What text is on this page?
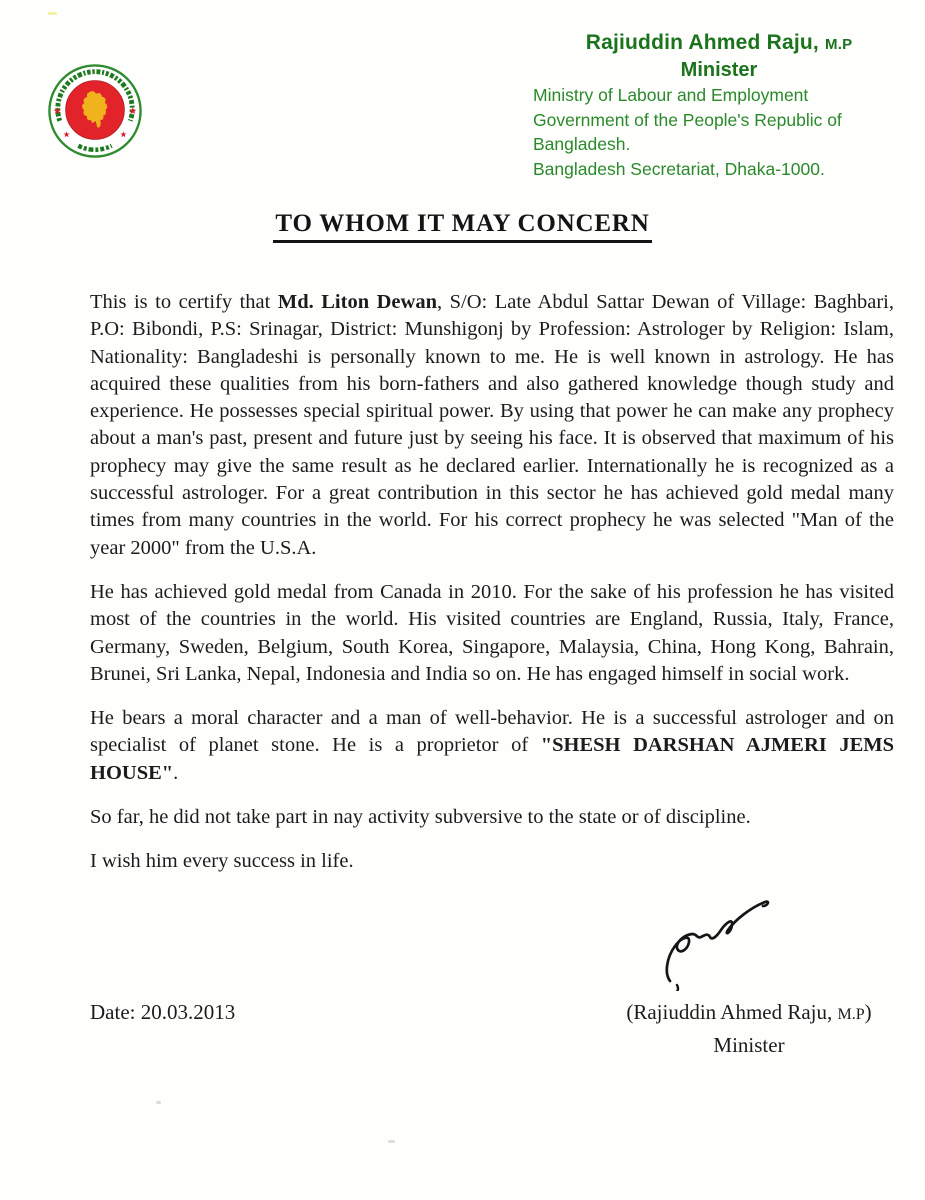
Rajiuddin Ahmed Raju, M.P
Minister
Ministry of Labour and Employment
Government of the People's Republic of Bangladesh.
Bangladesh Secretariat, Dhaka-1000.
TO WHOM IT MAY CONCERN

This is to certify that Md. Liton Dewan, S/O: Late Abdul Sattar Dewan of Village: Baghbari, P.O: Bibondi, P.S: Srinagar, District: Munshigonj by Profession: Astrologer by Religion: Islam, Nationality: Bangladeshi is personally known to me. He is well known in astrology. He has acquired these qualities from his born-fathers and also gathered knowledge though study and experience. He possesses special spiritual power. By using that power he can make any prophecy about a man's past, present and future just by seeing his face. It is observed that maximum of his prophecy may give the same result as he declared earlier. Internationally he is recognized as a successful astrologer. For a great contribution in this sector he has achieved gold medal many times from many countries in the world. For his correct prophecy he was selected "Man of the year 2000" from the U.S.A.

He has achieved gold medal from Canada in 2010. For the sake of his profession he has visited most of the countries in the world. His visited countries are England, Russia, Italy, France, Germany, Sweden, Belgium, South Korea, Singapore, Malaysia, China, Hong Kong, Bahrain, Brunei, Sri Lanka, Nepal, Indonesia and India so on. He has engaged himself in social work.

He bears a moral character and a man of well-behavior. He is a successful astrologer and on specialist of planet stone. He is a proprietor of "SHESH DARSHAN AJMERI JEMS HOUSE".

So far, he did not take part in nay activity subversive to the state or of discipline.

I wish him every success in life.

Date: 20.03.2013	(Rajiuddin Ahmed Raju, M.P)
Minister
